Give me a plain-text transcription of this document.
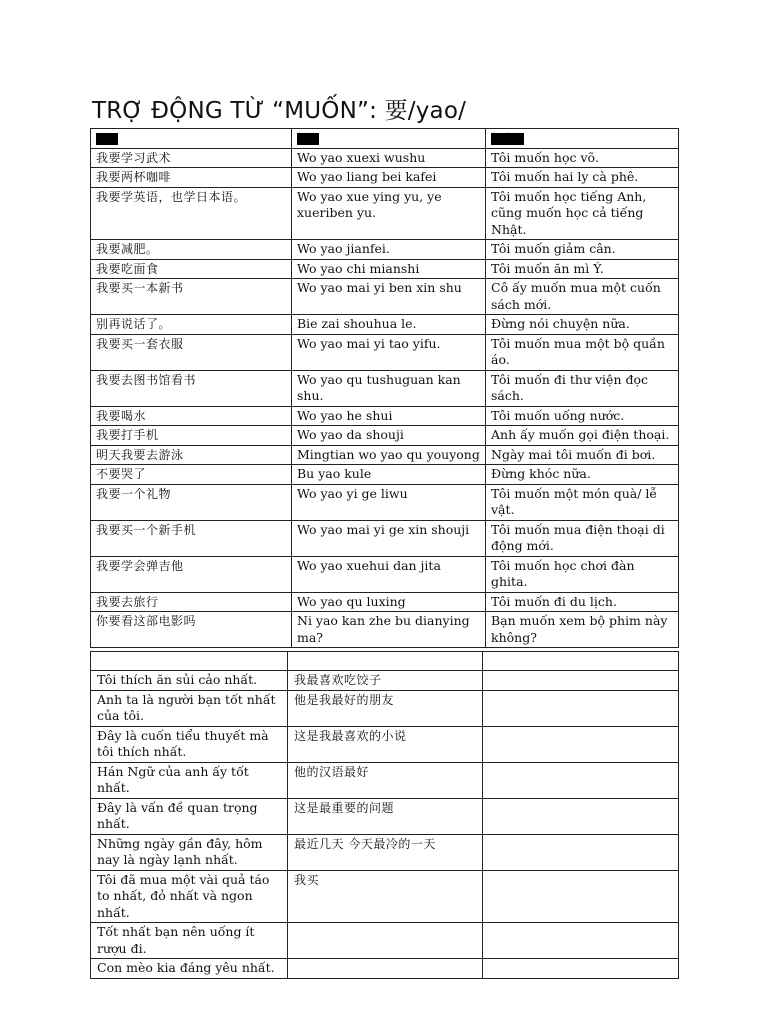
TRỢ ĐỘNG TỪ “MUỐN”: 要/yao/
汉字	拼音	越南语
我要学习武术	Wo yao xuexi wushu	Tôi muốn học võ.
我要两杯咖啡	Wo yao liang bei kafei	Tôi muốn hai ly cà phê.
我要学英语，也学日本语。	Wo yao xue ying yu, ye xueriben yu.	Tôi muốn học tiếng Anh, cũng muốn học cả tiếng Nhật.
我要减肥。	Wo yao jianfei.	Tôi muốn giảm cân.
我要吃面食	Wo yao chi mianshi	Tôi muốn ăn mì Ý.
我要买一本新书	Wo yao mai yi ben xin shu	Cô ấy muốn mua một cuốn sách mới.
别再说话了。	Bie zai shouhua le.	Đừng nói chuyện nữa.
我要买一套衣服	Wo yao mai yi tao yifu.	Tôi muốn mua một bộ quần áo.
我要去图书馆看书	Wo yao qu tushuguan kan shu.	Tôi muốn đi thư viện đọc sách.
我要喝水	Wo yao he shui	Tôi muốn uống nước.
我要打手机	Wo yao da shouji	Anh ấy muốn gọi điện thoại.
明天我要去游泳	Mingtian wo yao qu youyong	Ngày mai tôi muốn đi bơi.
不要哭了	Bu yao kule	Đừng khóc nữa.
我要一个礼物	Wo yao yi ge liwu	Tôi muốn một món quà/ lễ vật.
我要买一个新手机	Wo yao mai yi ge xin shouji	Tôi muốn mua điện thoại di động mới.
我要学会弹吉他	Wo yao xuehui dan jita	Tôi muốn học chơi đàn ghita.
我要去旅行	Wo yao qu luxing	Tôi muốn đi du lịch.
你要看这部电影吗	Ni yao kan zhe bu dianying ma?	Bạn muốn xem bộ phim này không?

Tôi thích ăn sủi cảo nhất.	我最喜欢吃饺子	
Anh ta là người bạn tốt nhất của tôi.	他是我最好的朋友	
Đây là cuốn tiểu thuyết mà tôi thích nhất.	这是我最喜欢的小说	
Hán Ngữ của anh ấy tốt nhất.	他的汉语最好	
Đây là vấn đề quan trọng nhất.	这是最重要的问题	
Những ngày gần đây, hôm nay là ngày lạnh nhất.	最近几天 今天最冷的一天	
Tôi đã mua một vài quả táo to nhất, đỏ nhất và ngon nhất.	我买	
Tốt nhất bạn nên uống ít rượu đi.		
Con mèo kia đáng yêu nhất.		
